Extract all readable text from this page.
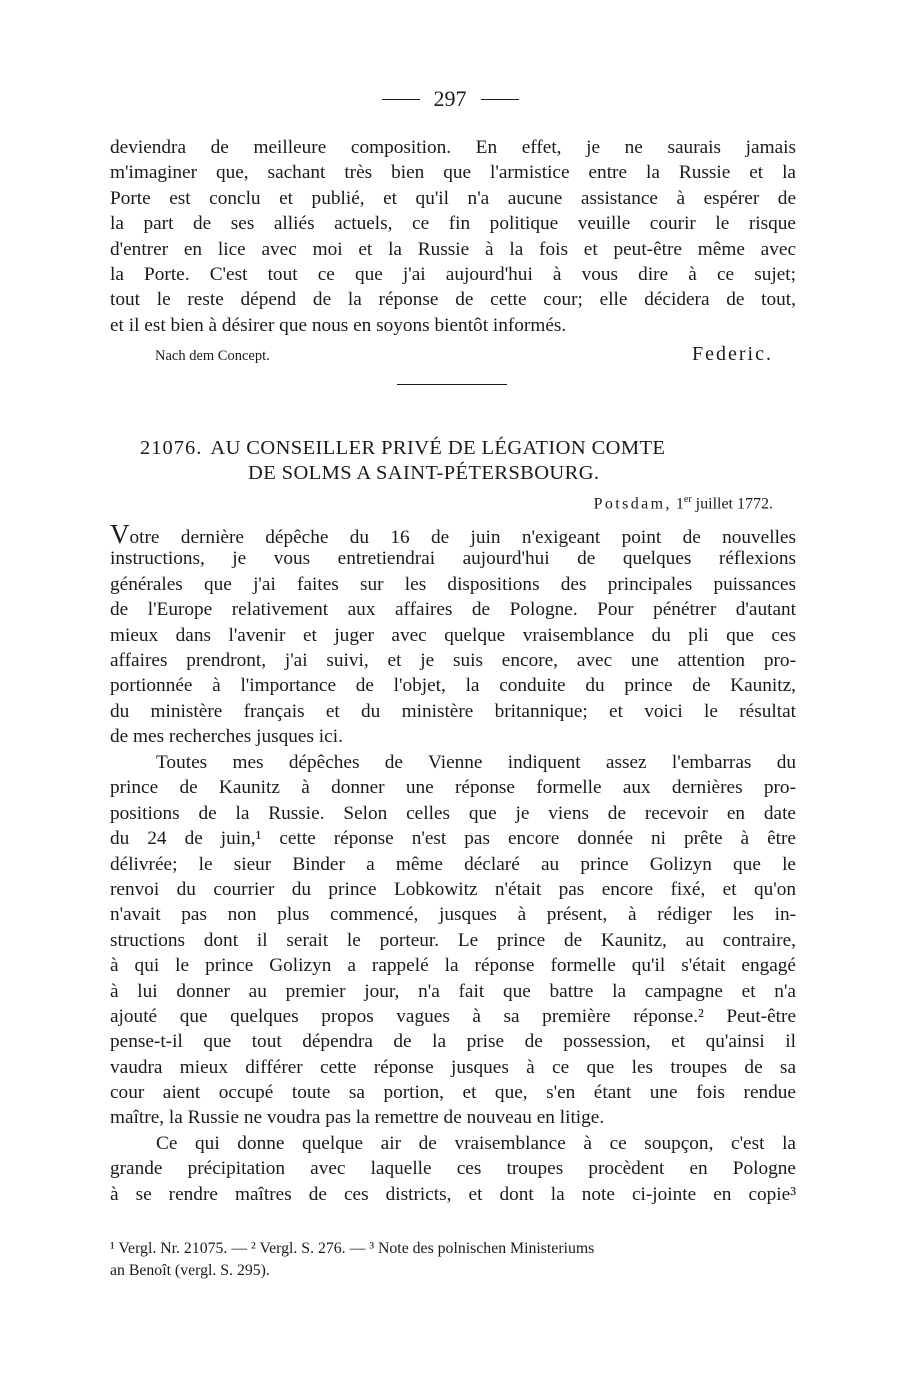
297
deviendra de meilleure composition. En effet, je ne saurais jamais
m'imaginer que, sachant très bien que l'armistice entre la Russie et la
Porte est conclu et publié, et qu'il n'a aucune assistance à espérer de
la part de ses alliés actuels, ce fin politique veuille courir le risque
d'entrer en lice avec moi et la Russie à la fois et peut-être même avec
la Porte. C'est tout ce que j'ai aujourd'hui à vous dire à ce sujet;
tout le reste dépend de la réponse de cette cour; elle décidera de tout,
et il est bien à désirer que nous en soyons bientôt informés.
Nach dem Concept.	Federic.
21076. AU CONSEILLER PRIVÉ DE LÉGATION COMTE
DE SOLMS A SAINT-PÉTERSBOURG.
Potsdam, 1er juillet 1772.
Votre dernière dépêche du 16 de juin n'exigeant point de nouvelles
instructions, je vous entretiendrai aujourd'hui de quelques réflexions
générales que j'ai faites sur les dispositions des principales puissances
de l'Europe relativement aux affaires de Pologne. Pour pénétrer d'autant
mieux dans l'avenir et juger avec quelque vraisemblance du pli que ces
affaires prendront, j'ai suivi, et je suis encore, avec une attention pro-
portionnée à l'importance de l'objet, la conduite du prince de Kaunitz,
du ministère français et du ministère britannique; et voici le résultat
de mes recherches jusques ici.
Toutes mes dépêches de Vienne indiquent assez l'embarras du
prince de Kaunitz à donner une réponse formelle aux dernières pro-
positions de la Russie. Selon celles que je viens de recevoir en date
du 24 de juin,¹ cette réponse n'est pas encore donnée ni prête à être
délivrée; le sieur Binder a même déclaré au prince Golizyn que le
renvoi du courrier du prince Lobkowitz n'était pas encore fixé, et qu'on
n'avait pas non plus commencé, jusques à présent, à rédiger les in-
structions dont il serait le porteur. Le prince de Kaunitz, au contraire,
à qui le prince Golizyn a rappelé la réponse formelle qu'il s'était engagé
à lui donner au premier jour, n'a fait que battre la campagne et n'a
ajouté que quelques propos vagues à sa première réponse.² Peut-être
pense-t-il que tout dépendra de la prise de possession, et qu'ainsi il
vaudra mieux différer cette réponse jusques à ce que les troupes de sa
cour aient occupé toute sa portion, et que, s'en étant une fois rendue
maître, la Russie ne voudra pas la remettre de nouveau en litige.
Ce qui donne quelque air de vraisemblance à ce soupçon, c'est la
grande précipitation avec laquelle ces troupes procèdent en Pologne
à se rendre maîtres de ces districts, et dont la note ci-jointe en copie³
¹ Vergl. Nr. 21075. — ² Vergl. S. 276. — ³ Note des polnischen Ministeriums
an Benoît (vergl. S. 295).
